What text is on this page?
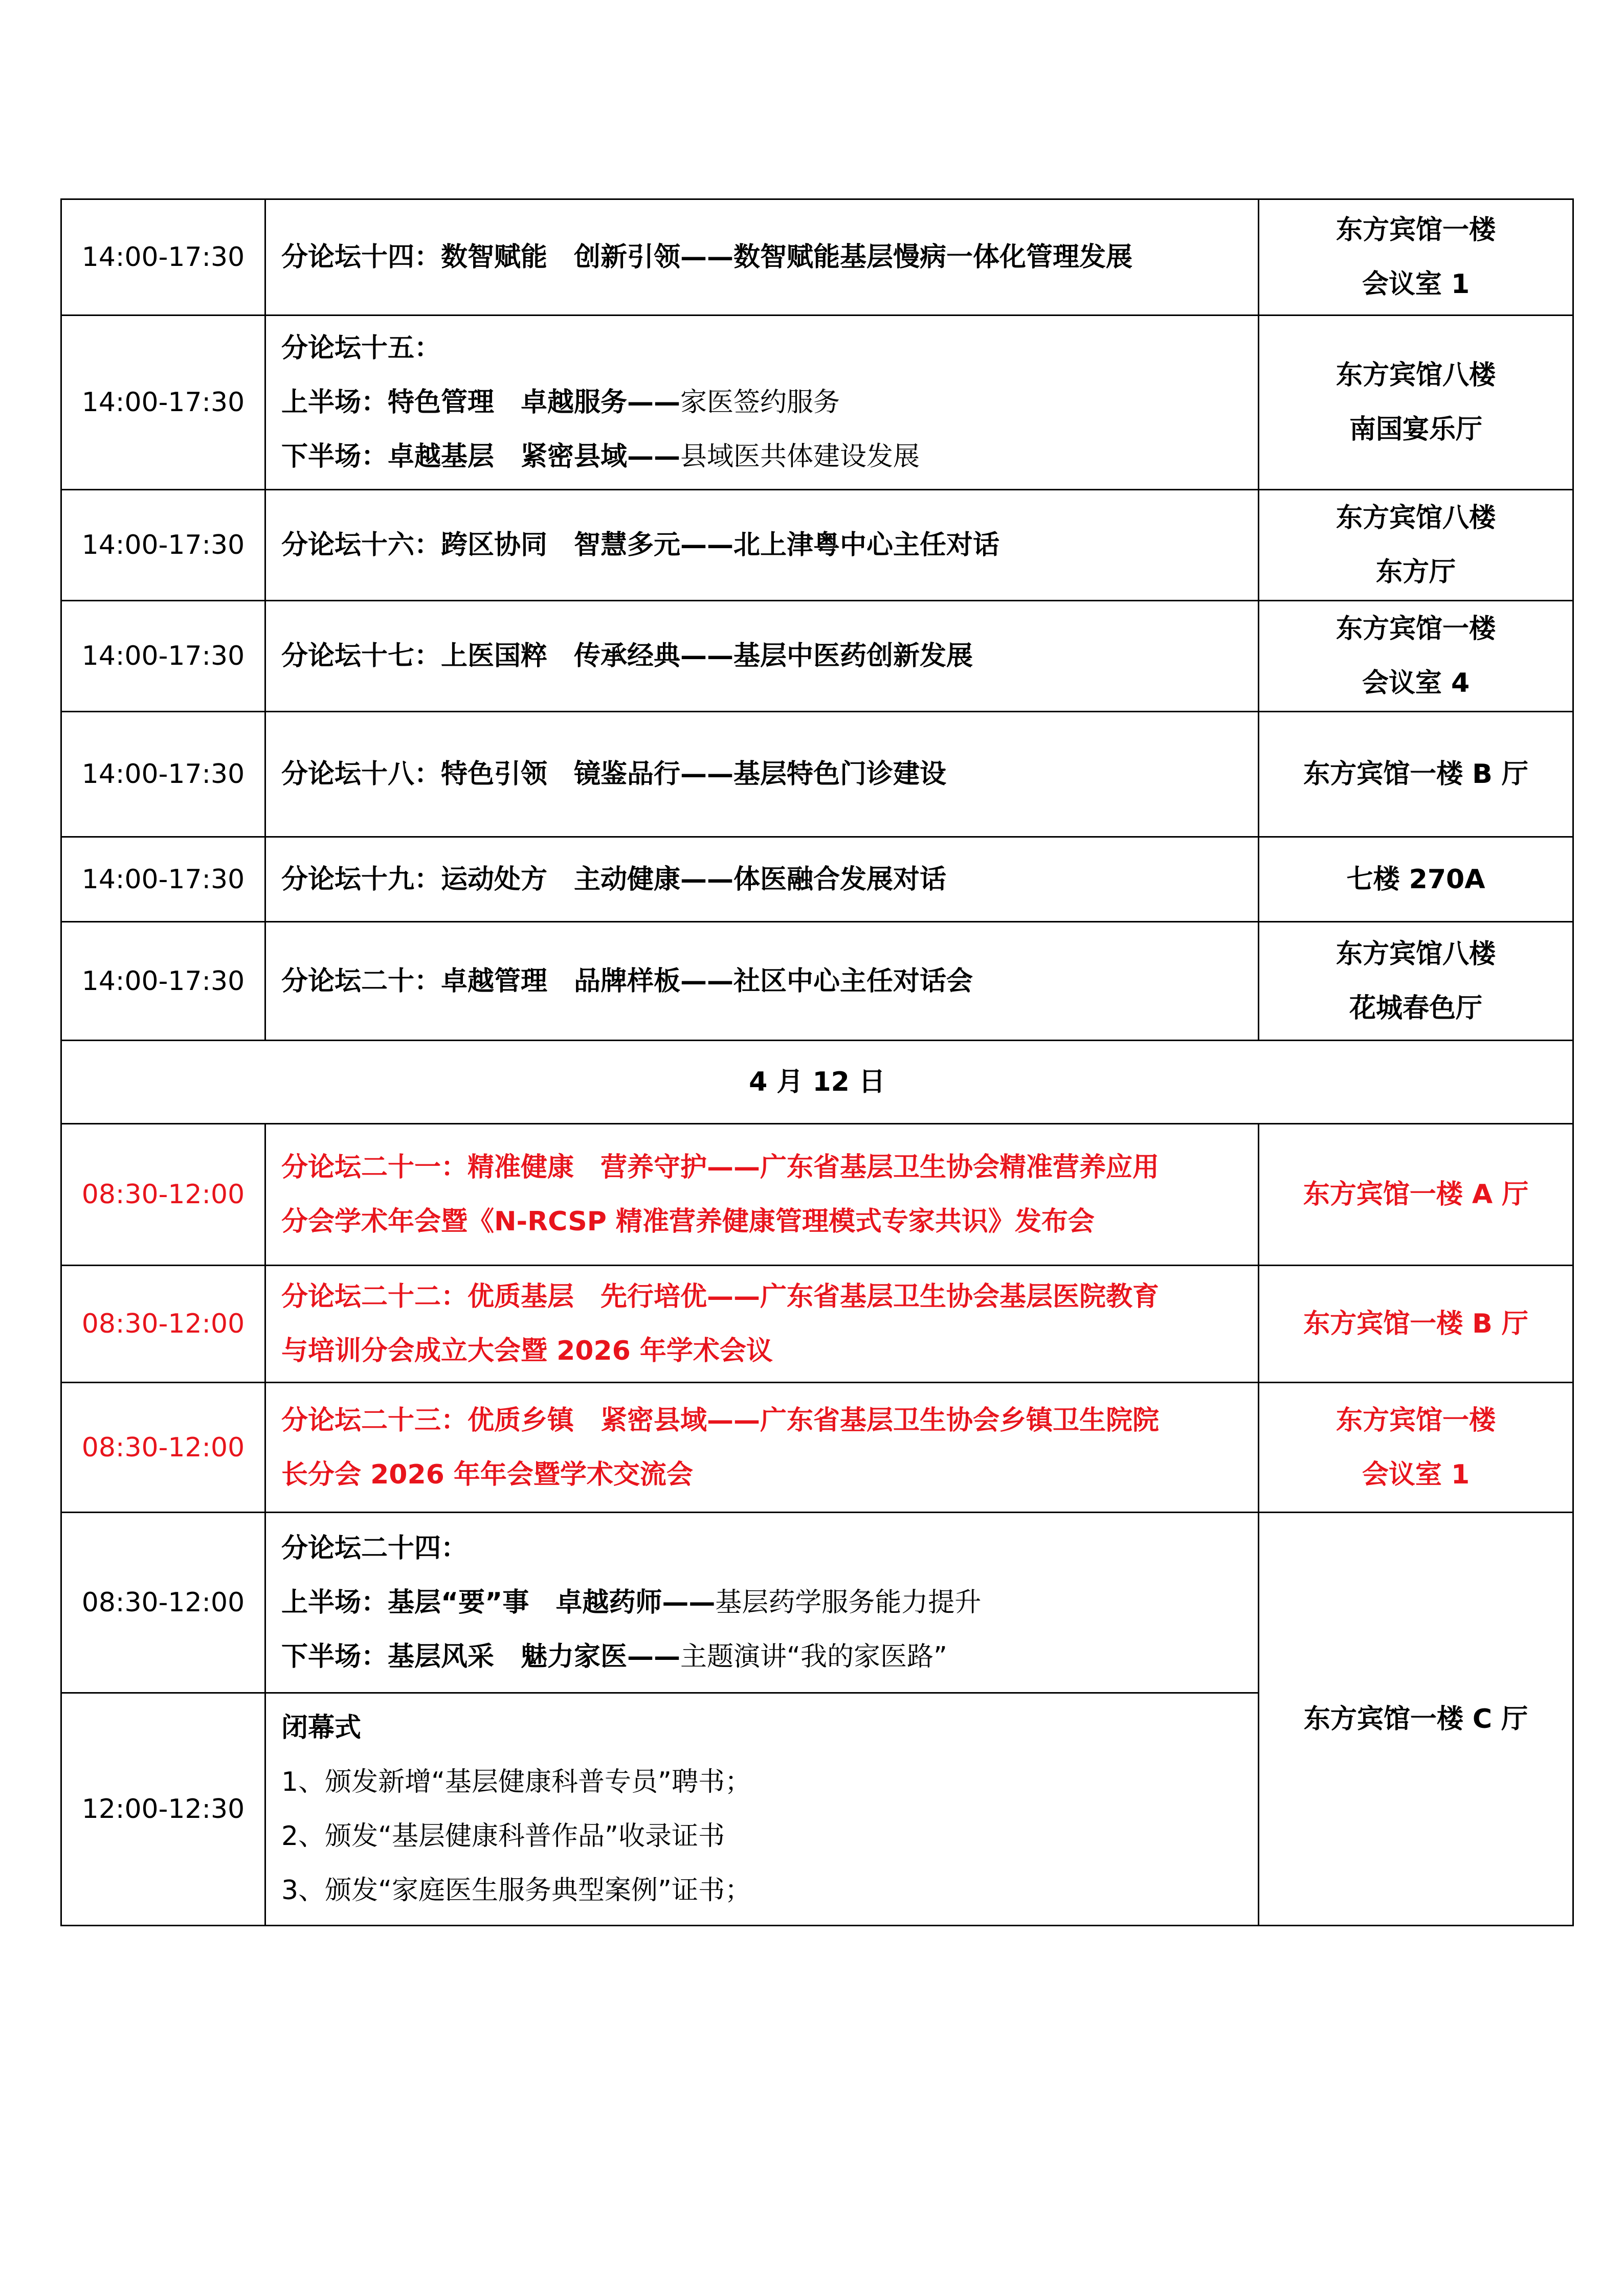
14:00-17:30	分论坛十四：数智赋能　创新引领——数智赋能基层慢病一体化管理发展	东方宾馆一楼
会议室 1

14:00-17:30	分论坛十五：
上半场：特色管理　卓越服务——家医签约服务
下半场：卓越基层　紧密县域——县域医共体建设发展	东方宾馆八楼
南国宴乐厅

14:00-17:30	分论坛十六：跨区协同　智慧多元——北上津粤中心主任对话	东方宾馆八楼
东方厅

14:00-17:30	分论坛十七：上医国粹　传承经典——基层中医药创新发展	东方宾馆一楼
会议室 4

14:00-17:30	分论坛十八：特色引领　镜鉴品行——基层特色门诊建设	东方宾馆一楼 B 厅

14:00-17:30	分论坛十九：运动处方　主动健康——体医融合发展对话	七楼 270A

14:00-17:30	分论坛二十：卓越管理　品牌样板——社区中心主任对话会	东方宾馆八楼
花城春色厅

4 月 12 日		
08:30-12:00	分论坛二十一：精准健康　营养守护——广东省基层卫生协会精准营养应用
分会学术年会暨《N-RCSP 精准营养健康管理模式专家共识》发布会	东方宾馆一楼 A 厅

08:30-12:00	分论坛二十二：优质基层　先行培优——广东省基层卫生协会基层医院教育
与培训分会成立大会暨 2026 年学术会议	东方宾馆一楼 B 厅

08:30-12:00	分论坛二十三：优质乡镇　紧密县域——广东省基层卫生协会乡镇卫生院院
长分会 2026 年年会暨学术交流会	东方宾馆一楼
会议室 1

08:30-12:00	分论坛二十四：
上半场：基层“要”事　卓越药师——基层药学服务能力提升
下半场：基层风采　魅力家医——主题演讲“我的家医路”	东方宾馆一楼 C 厅

12:00-12:30	闭幕式
1、颁发新增“基层健康科普专员”聘书；
2、颁发“基层健康科普作品”收录证书
3、颁发“家庭医生服务典型案例”证书；	
